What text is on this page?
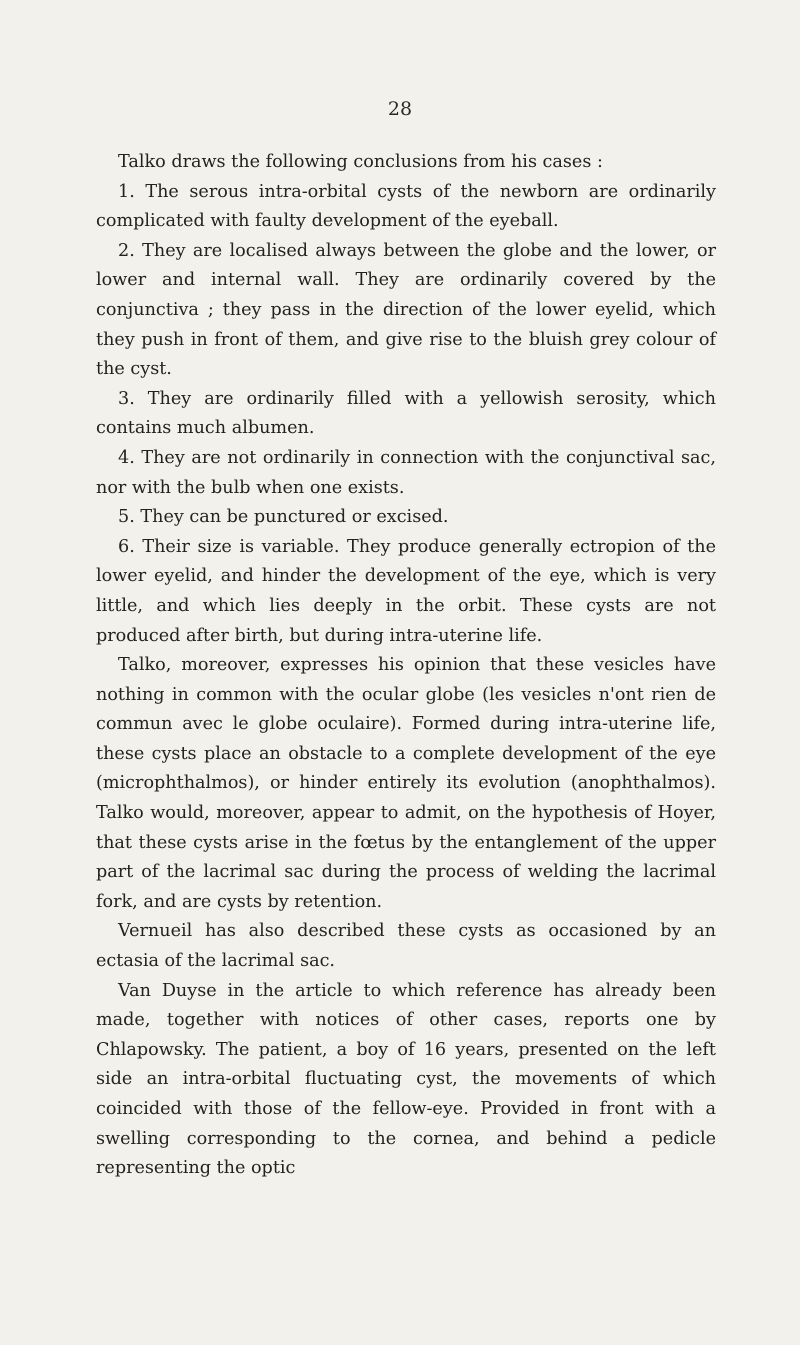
28

Talko draws the following conclusions from his cases :

1. The serous intra-orbital cysts of the newborn are ordinarily complicated with faulty development of the eyeball.

2. They are localised always between the globe and the lower, or lower and internal wall. They are ordinarily covered by the conjunctiva ; they pass in the direction of the lower eyelid, which they push in front of them, and give rise to the bluish grey colour of the cyst.

3. They are ordinarily filled with a yellowish serosity, which contains much albumen.

4. They are not ordinarily in connection with the conjunctival sac, nor with the bulb when one exists.

5. They can be punctured or excised.

6. Their size is variable. They produce generally ectropion of the lower eyelid, and hinder the development of the eye, which is very little, and which lies deeply in the orbit. These cysts are not produced after birth, but during intra-uterine life.

Talko, moreover, expresses his opinion that these vesicles have nothing in common with the ocular globe (les vesicles n'ont rien de commun avec le globe oculaire). Formed during intra-uterine life, these cysts place an obstacle to a complete development of the eye (microphthalmos), or hinder entirely its evolution (anophthalmos). Talko would, moreover, appear to admit, on the hypothesis of Hoyer, that these cysts arise in the fœtus by the entanglement of the upper part of the lacrimal sac during the process of welding the lacrimal fork, and are cysts by retention.

Vernueil has also described these cysts as occasioned by an ectasia of the lacrimal sac.

Van Duyse in the article to which reference has already been made, together with notices of other cases, reports one by Chlapowsky. The patient, a boy of 16 years, presented on the left side an intra-orbital fluctuating cyst, the movements of which coincided with those of the fellow-eye. Provided in front with a swelling corresponding to the cornea, and behind a pedicle representing the optic
